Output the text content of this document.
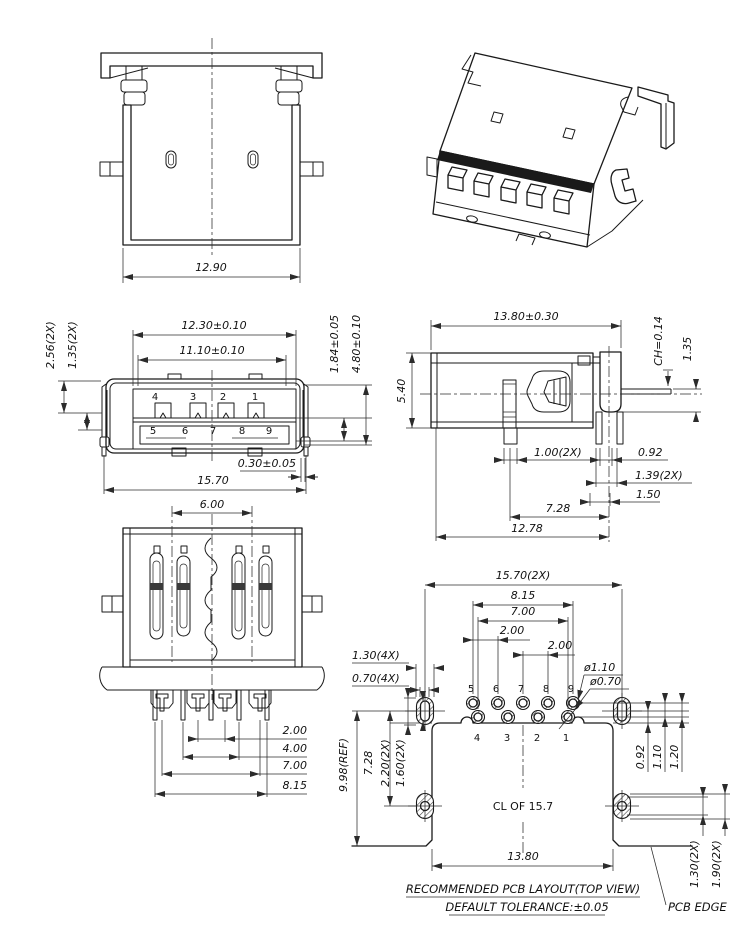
12.90
4	3 2	1
5	6 7 8 9
12.30±0.10
11.10±0.10
2.56(2X) 1.35(2X)	1.84±0.05 4.80±0.10
0.30±0.05
15.70
13.80±0.30
5.40
CH=0.14 1.35
1.00(2X)	0.92
1.39(2X)
1.50
7.28
12.78
6.00
2.00
4.00
7.00
8.15
5 6 7 8 9
4 3 2 1
15.70(2X)
8.15
7.00
2.00
2.00
1.30(4X)
0.70(4X)
ø1.10
ø0.70
0.92 1.10 1.20
9.98(REF) 7.28 2.20(2X) 1.60(2X)
CL OF 15.7
13.80	1.30(2X) 1.90(2X)
RECOMMENDED PCB LAYOUT(TOP VIEW)
DEFAULT TOLERANCE:±0.05	PCB EDGE
